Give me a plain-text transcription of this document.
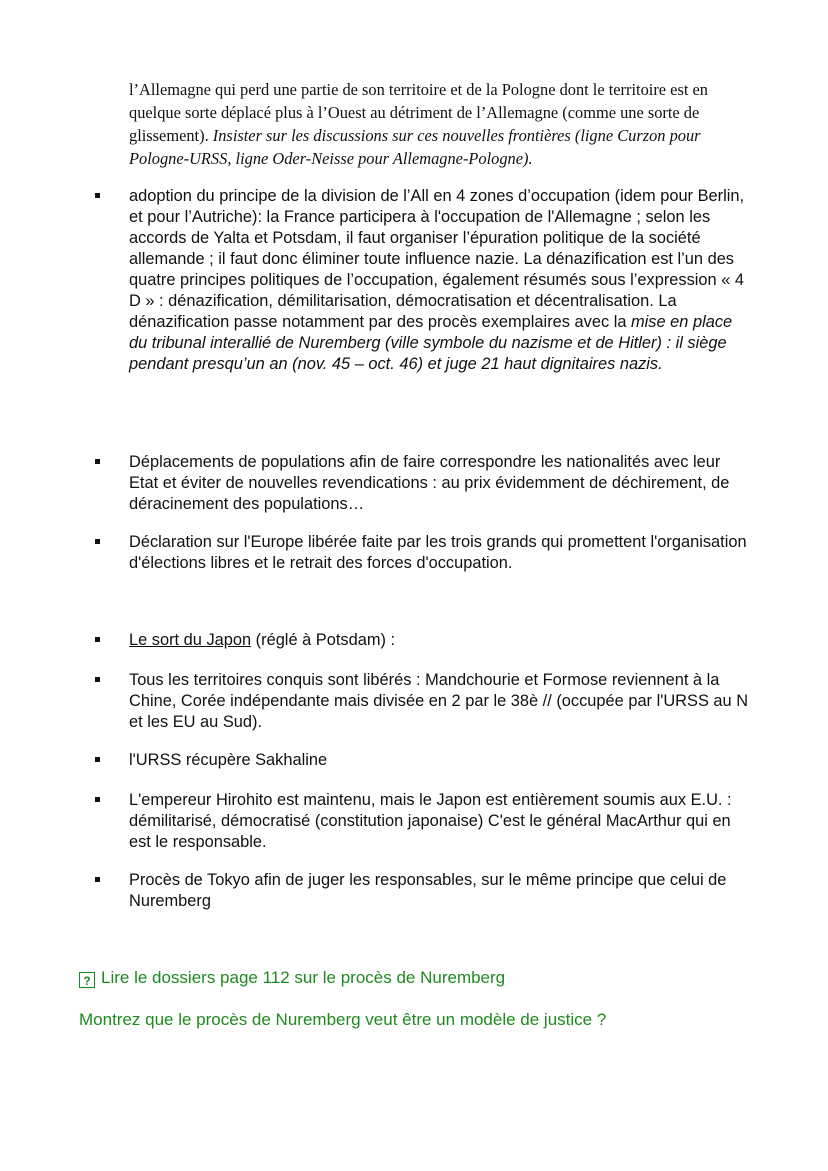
l’Allemagne qui perd une partie de son territoire et de la Pologne dont le territoire est en quelque sorte déplacé plus à l’Ouest au détriment de l’Allemagne (comme une sorte de glissement). Insister sur les discussions sur ces nouvelles frontières (ligne Curzon pour Pologne-URSS, ligne Oder-Neisse pour Allemagne-Pologne).
adoption du principe de la division de l’All en 4 zones d’occupation (idem pour Berlin, et pour l’Autriche): la France participera à l'occupation de l'Allemagne ; selon les accords de Yalta et Potsdam, il faut organiser l’épuration politique de la société allemande ; il faut donc éliminer toute influence nazie. La dénazification est l’un des quatre principes politiques de l’occupation, également résumés sous l’expression « 4 D » : dénazification, démilitarisation, démocratisation et décentralisation. La dénazification passe notamment par des procès exemplaires avec la mise en place du tribunal interallié de Nuremberg (ville symbole du nazisme et de Hitler) : il siège pendant presqu’un an (nov. 45 – oct. 46) et juge 21 haut dignitaires nazis.
Déplacements de populations afin de faire correspondre les nationalités avec leur Etat et éviter de nouvelles revendications : au prix évidemment de déchirement, de déracinement des populations…
Déclaration sur l'Europe libérée faite par les trois grands qui promettent l'organisation d'élections libres et le retrait des forces d'occupation.
Le sort du Japon (réglé à Potsdam) :
Tous les territoires conquis sont libérés : Mandchourie et Formose reviennent à la Chine, Corée indépendante mais divisée en 2 par le 38è // (occupée par l'URSS au N et les EU au Sud).
l'URSS récupère Sakhaline
L'empereur Hirohito est maintenu, mais le Japon est entièrement soumis aux E.U. : démilitarisé, démocratisé (constitution japonaise) C'est le général MacArthur qui en est le responsable.
Procès de Tokyo afin de juger les responsables, sur le même principe que celui de Nuremberg
? Lire le dossiers page 112 sur le procès de Nuremberg
Montrez que le procès de Nuremberg veut être un modèle de justice ?
